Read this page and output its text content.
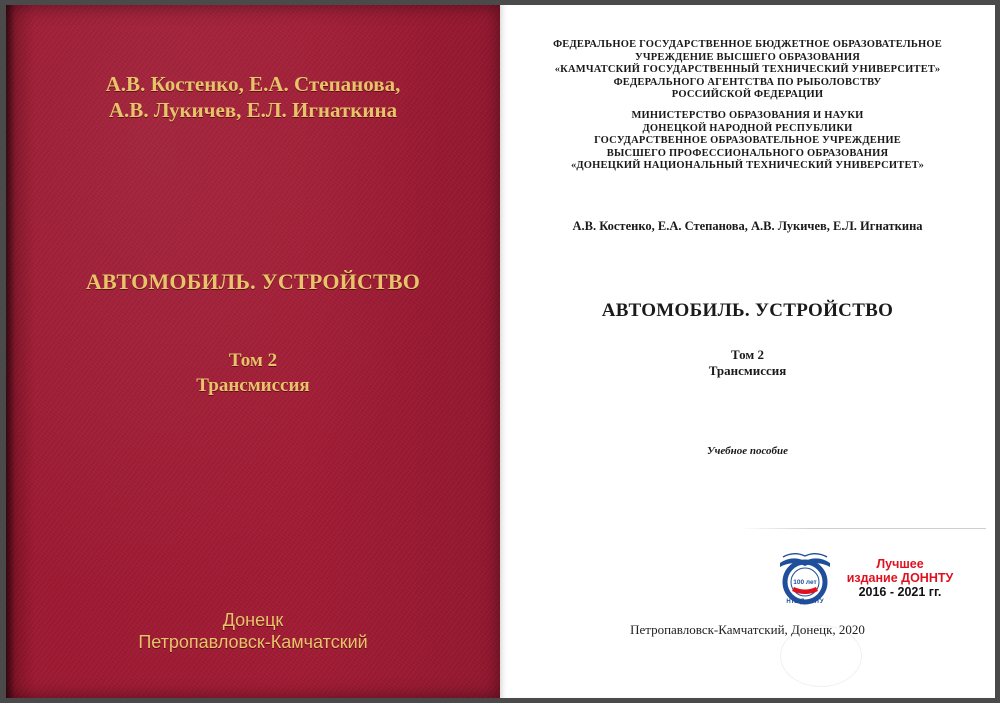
А.В. Костенко, Е.А. Степанова,
А.В. Лукичев, Е.Л. Игнаткина
АВТОМОБИЛЬ. УСТРОЙСТВО
Том 2
Трансмиссия
Донецк
Петропавловск-Камчатский
ФЕДЕРАЛЬНОЕ ГОСУДАРСТВЕННОЕ БЮДЖЕТНОЕ ОБРАЗОВАТЕЛЬНОЕ
УЧРЕЖДЕНИЕ ВЫСШЕГО ОБРАЗОВАНИЯ
«КАМЧАТСКИЙ ГОСУДАРСТВЕННЫЙ ТЕХНИЧЕСКИЙ УНИВЕРСИТЕТ»
ФЕДЕРАЛЬНОГО АГЕНТСТВА ПО РЫБОЛОВСТВУ
РОССИЙСКОЙ ФЕДЕРАЦИИ
МИНИСТЕРСТВО ОБРАЗОВАНИЯ И НАУКИ
ДОНЕЦКОЙ НАРОДНОЙ РЕСПУБЛИКИ
ГОСУДАРСТВЕННОЕ ОБРАЗОВАТЕЛЬНОЕ УЧРЕЖДЕНИЕ
ВЫСШЕГО ПРОФЕССИОНАЛЬНОГО ОБРАЗОВАНИЯ
«ДОНЕЦКИЙ НАЦИОНАЛЬНЫЙ ТЕХНИЧЕСКИЙ УНИВЕРСИТЕТ»
А.В. Костенко, Е.А. Степанова, А.В. Лукичев, Е.Л. Игнаткина
АВТОМОБИЛЬ. УСТРОЙСТВО
Том 2
Трансмиссия
Учебное пособие
Петропавловск-Камчатский, Донецк, 2020
100 лет
НТБ ДонНТУ
Лучшее
издание ДОННТУ
2016 - 2021 гг.
